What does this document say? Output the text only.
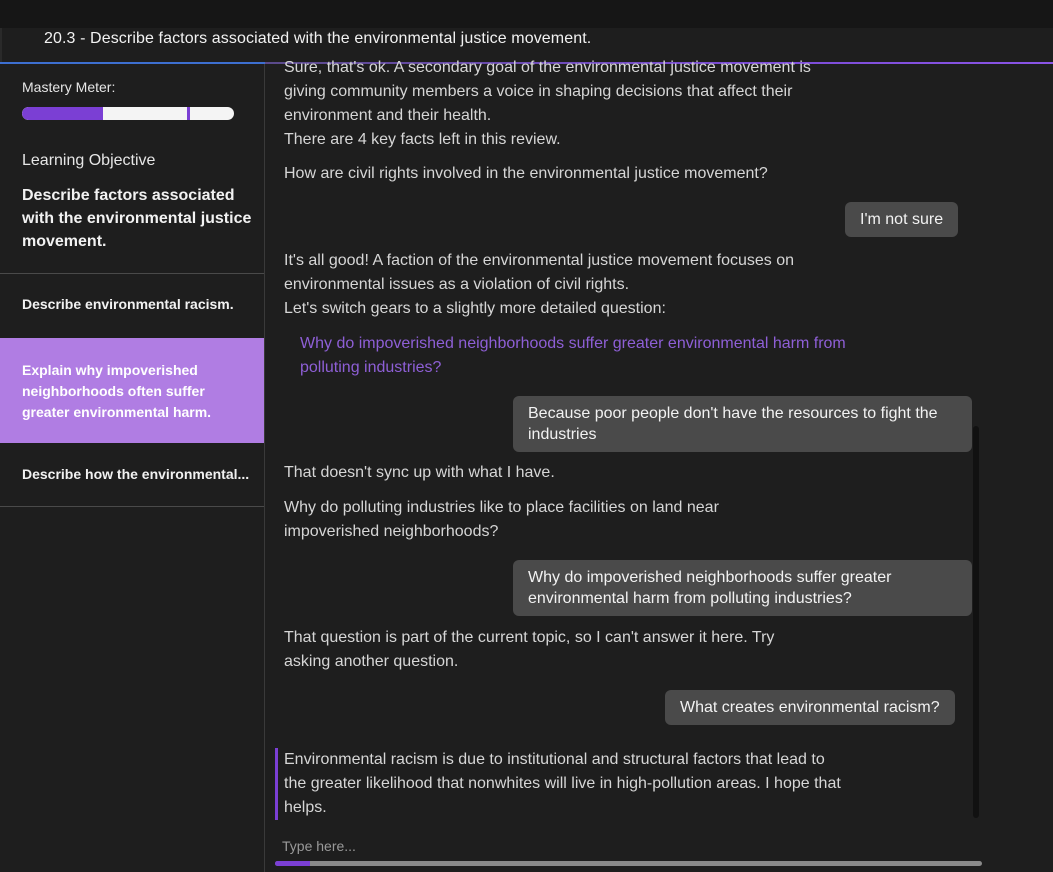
20.3 - Describe factors associated with the environmental justice movement.
Mastery Meter:
Learning Objective
Describe factors associated with the environmental justice movement.
Describe environmental racism.
Explain why impoverished neighborhoods often suffer greater environmental harm.
Describe how the environmental...
Sure, that's ok. A secondary goal of the environmental justice movement is giving community members a voice in shaping decisions that affect their environment and their health.
There are 4 key facts left in this review.
How are civil rights involved in the environmental justice movement?
I'm not sure
It's all good! A faction of the environmental justice movement focuses on environmental issues as a violation of civil rights.
Let's switch gears to a slightly more detailed question:
Why do impoverished neighborhoods suffer greater environmental harm from polluting industries?
Because poor people don't have the resources to fight the industries
That doesn't sync up with what I have.
Why do polluting industries like to place facilities on land near impoverished neighborhoods?
Why do impoverished neighborhoods suffer greater environmental harm from polluting industries?
That question is part of the current topic, so I can't answer it here. Try asking another question.
What creates environmental racism?
Environmental racism is due to institutional and structural factors that lead to the greater likelihood that nonwhites will live in high-pollution areas. I hope that helps.
Type here...
